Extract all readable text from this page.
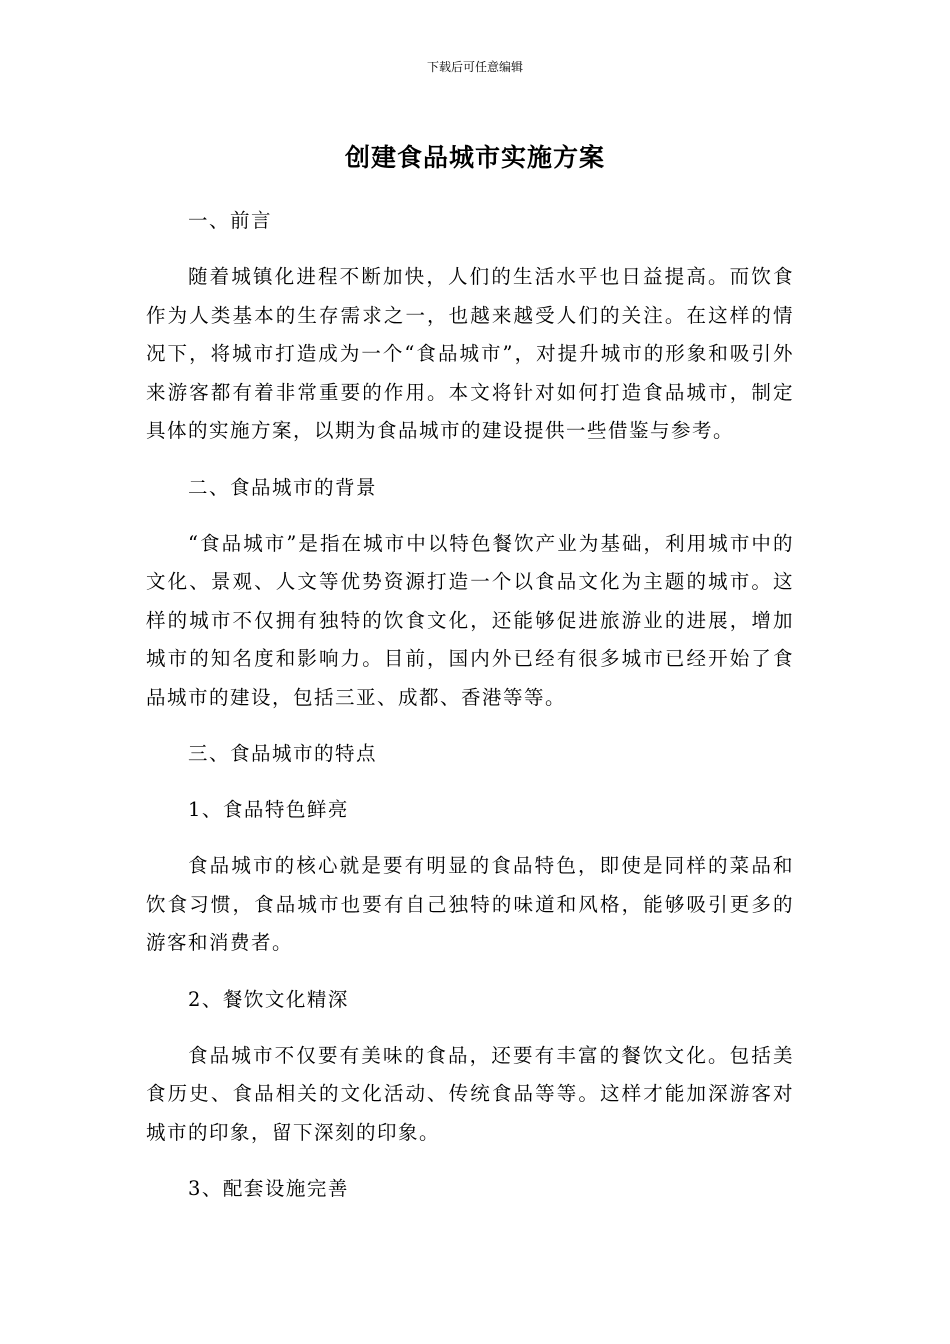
下载后可任意编辑
创建食品城市实施方案

一、前言

随着城镇化进程不断加快，人们的生活水平也日益提高。而饮食作为人类基本的生存需求之一，也越来越受人们的关注。在这样的情况下，将城市打造成为一个“食品城市”，对提升城市的形象和吸引外来游客都有着非常重要的作用。本文将针对如何打造食品城市，制定具体的实施方案，以期为食品城市的建设提供一些借鉴与参考。

二、食品城市的背景

“食品城市”是指在城市中以特色餐饮产业为基础，利用城市中的文化、景观、人文等优势资源打造一个以食品文化为主题的城市。这样的城市不仅拥有独特的饮食文化，还能够促进旅游业的进展，增加城市的知名度和影响力。目前，国内外已经有很多城市已经开始了食品城市的建设，包括三亚、成都、香港等等。

三、食品城市的特点

1、食品特色鲜亮

食品城市的核心就是要有明显的食品特色，即使是同样的菜品和饮食习惯，食品城市也要有自己独特的味道和风格，能够吸引更多的游客和消费者。

2、餐饮文化精深

食品城市不仅要有美味的食品，还要有丰富的餐饮文化。包括美食历史、食品相关的文化活动、传统食品等等。这样才能加深游客对城市的印象，留下深刻的印象。

3、配套设施完善
